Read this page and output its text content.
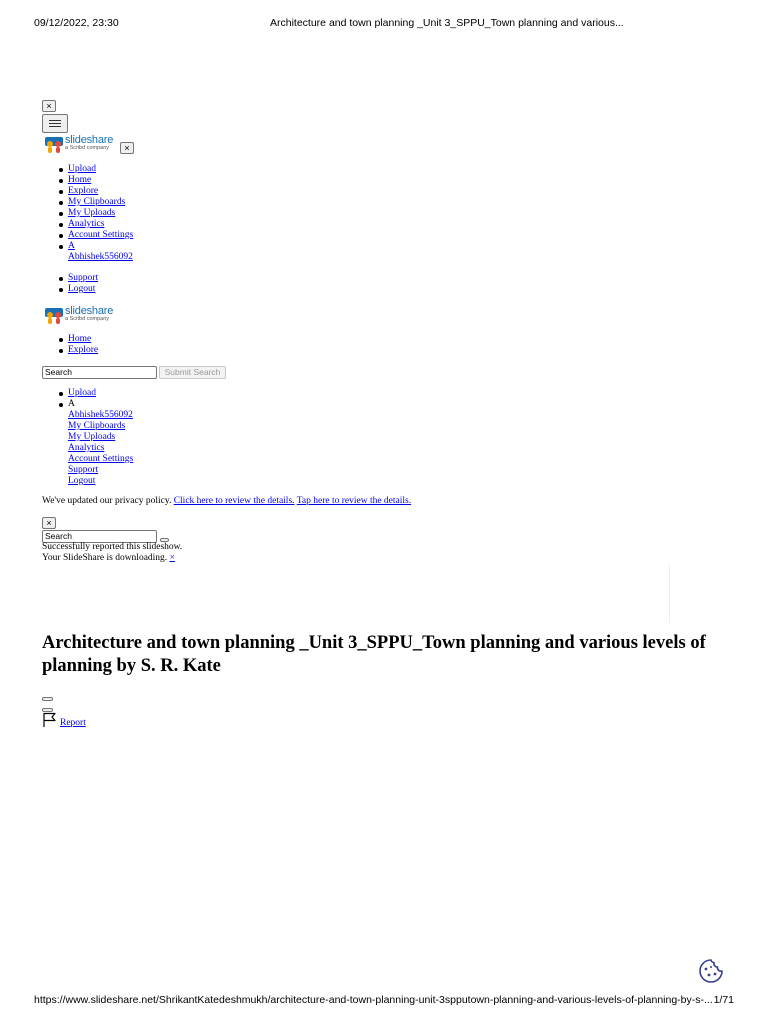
09/12/2022, 23:30	Architecture and town planning _Unit 3_SPPU_Town planning and various...
×
slideshare
a Scribd company	×
Upload
Home
Explore
My Clipboards
My Uploads
Analytics
Account Settings
A
Abhishek556092
Support
Logout
slideshare
a Scribd company
Home
Explore
Search	Submit Search
Upload
A
Abhishek556092
My Clipboards
My Uploads
Analytics
Account Settings
Support
Logout
We've updated our privacy policy. Click here to review the details. Tap here to review the details.
×
Search
Successfully reported this slideshow.
Your SlideShare is downloading. ×
Architecture and town planning _Unit 3_SPPU_Town planning and various levels of planning by S. R. Kate
Report
https://www.slideshare.net/ShrikantKatedeshmukh/architecture-and-town-planning-unit-3spputown-planning-and-various-levels-of-planning-by-s-... 1/71
